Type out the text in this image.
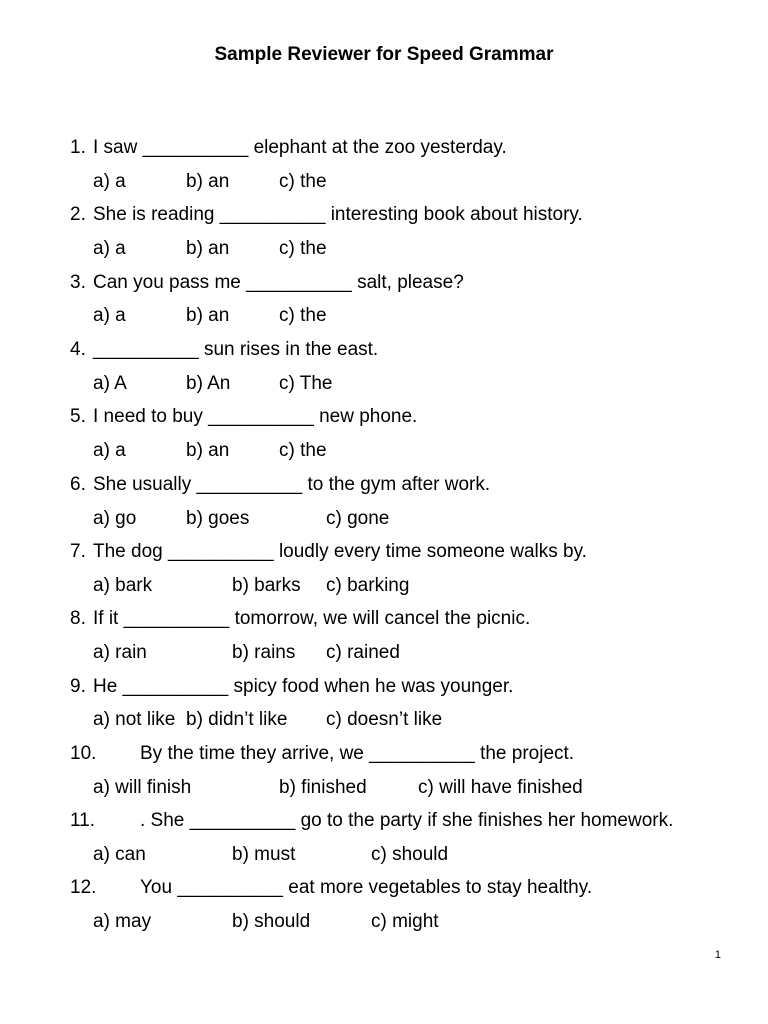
Sample Reviewer for Speed Grammar

1. I saw __________ elephant at the zoo yesterday.

a) a	b) an	c) the

2. She is reading __________ interesting book about history.

a) a	b) an	c) the

3. Can you pass me __________ salt, please?

a) a	b) an	c) the

4. __________ sun rises in the east.

a) A	b) An	c) The

5. I need to buy __________ new phone.

a) a	b) an	c) the

6. She usually __________ to the gym after work.

a) go	b) goes	c) gone

7. The dog __________ loudly every time someone walks by.

a) bark	b) barks c) barking

8. If it __________ tomorrow, we will cancel the picnic.

a) rain	b) rains c) rained

9. He __________ spicy food when he was younger.

a) not like b) didn’t like c) doesn’t like

10. By the time they arrive, we __________ the project.

a) will finish	b) finished	c) will have finished

11. . She __________ go to the party if she finishes her homework.

a) can	b) must	c) should

12. You __________ eat more vegetables to stay healthy.

a) may	b) should	c) might

1
